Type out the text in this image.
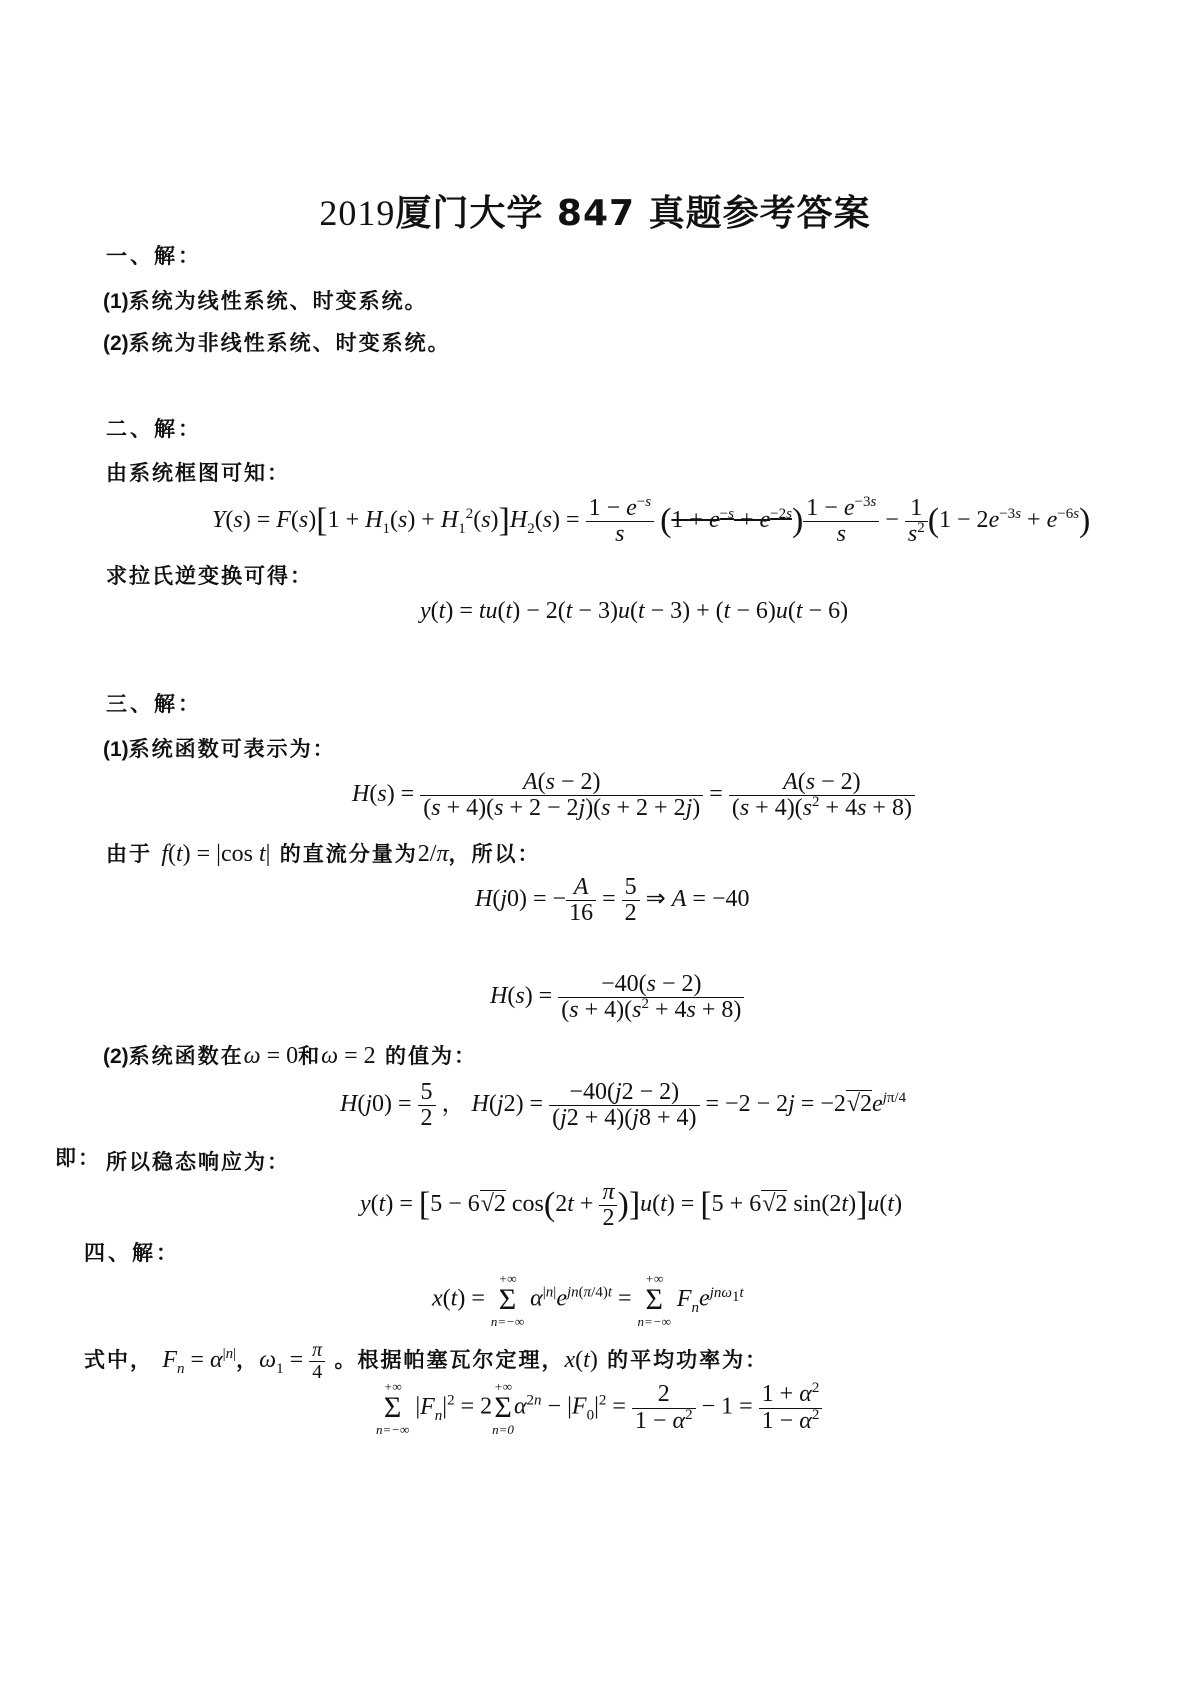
2019厦门大学 847 真题参考答案
一、解：
(1)系统为线性系统、时变系统。
(2)系统为非线性系统、时变系统。
二、解：
由系统框图可知：
$Y(s) = F(s)[1 + H_1(s) + H_1^2(s)]H_2(s) = \frac{1 - e^{-s}}{s} (1 + e^{-s} + e^{-2s}) \frac{1 - e^{-3s}}{s} - \frac{1}{s^2} (1 - 2e^{-3s} + e^{-6s})$
求拉氏逆变换可得：
y(t) = tu(t) − 2(t − 3)u(t − 3) + (t − 6)u(t − 6)
三、解：
(1)系统函数可表示为：
$H(s) = \frac{A(s - 2)}{(s + 4)(s + 2 - 2j)(s + 2 + 2j)} = \frac{A(s - 2)}{(s + 4)(s^2 + 4s + 8)}$
由于 f(t) = |cos t| 的直流分量为2/π，所以：
H(j0) = − $\frac{A}{16} = \frac{5}{2}$ ⇒ A = −40
$H(s) = \frac{-40(s - 2)}{(s + 4)(s^2 + 4s + 8)}$
(2)系统函数在ω = 0和ω = 2 的值为：
$H(j0) = \frac{5}{2}$ ， $H(j2) = \frac{-40(j2 - 2)}{(j2 + 4)(j8 + 4)} = -2 - 2j = -2√2e^{j\pi/4}$
即： 所以稳态响应为：
y(t) = [5 − 6√2 $\cos(2t + \frac{\pi}{2} )]u(t) = [5 + 6√2$ sin(2t)]u(t)
四、解：
x(t) =
+∞
Σ
n=−∞
$\alpha^{|n|}e^{jn(\pi/4)t}$ =
+∞
Σ
n=−∞
$F_ne^{jn\omega_1t}$
式中， $F_n = \alpha^{|n|}$，$\omega_1 = \frac{\pi}{4}$ 。根据帕塞瓦尔定理，x(t) 的平均功率为：
+∞
Σ
n=−∞
$|F_n|^2 = 2$
+∞
Σ
n=0
$\alpha^{2n} - |F_0|^2 = \frac{2}{1 - \alpha^2} - 1 = \frac{1 + \alpha^2}{1 - \alpha^2}$
